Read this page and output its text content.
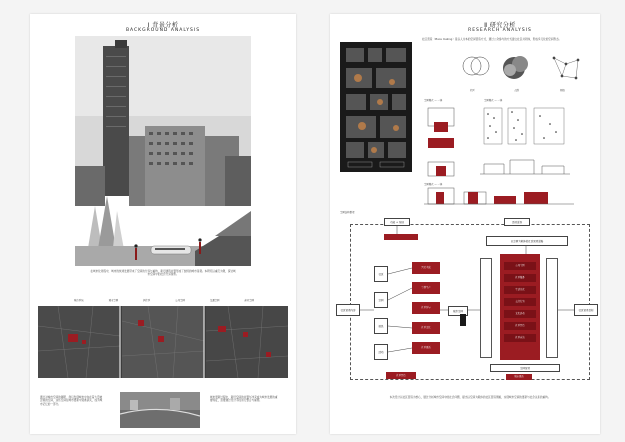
Ⅰ 背景分析
BACKGROUND ANALYSIS
在城市化进程中，城市的快速发展带来了空间的分异与重构，新旧建筑并置形成了独特的城市景观。本研究以重庆为例，探讨城市空间中的社会分异现象。
城市区域	城市空间	居住区	公共空间	交通空间	商业空间
通过对城市空间的调研，我们发现城市中存在着大量被忽视的空间，这些空间在城市更新中逐渐消失，成为城市记忆的一部分。
城市更新过程中，新旧空间的并置与冲突成为城市发展的重要特征，需要通过设计手段进行整合与重塑。
Ⅱ 研究分析
RESEARCH ANALYSIS
社区营造（Place making）是以人为本的空间营造方式，通过公众参与的方式建立社区共同体，形成多元化的空间形态。
社区	人群	网络
空间模式 — 一体	空间模式 — 一体
空间模式 — 一体
空间结构框架
功能 + 地域	活动策划
以空间为载体的社区营造策略
社区营造内容	城市空间	社区营造目标
社区
空间
居民
活动
营造手段
空间生产
社区参与
社区文化
社区更新
公共空间
社区服务
生活方式
交往行为
文化活动
社区营造
社区自治
空间营造
社区营造	城市更新
本次设计以社区营造为核心，通过分析城市空间中的社会问题，提出以空间为载体的社区营造策略，实现城市空间的更新与社会关系的重构。
